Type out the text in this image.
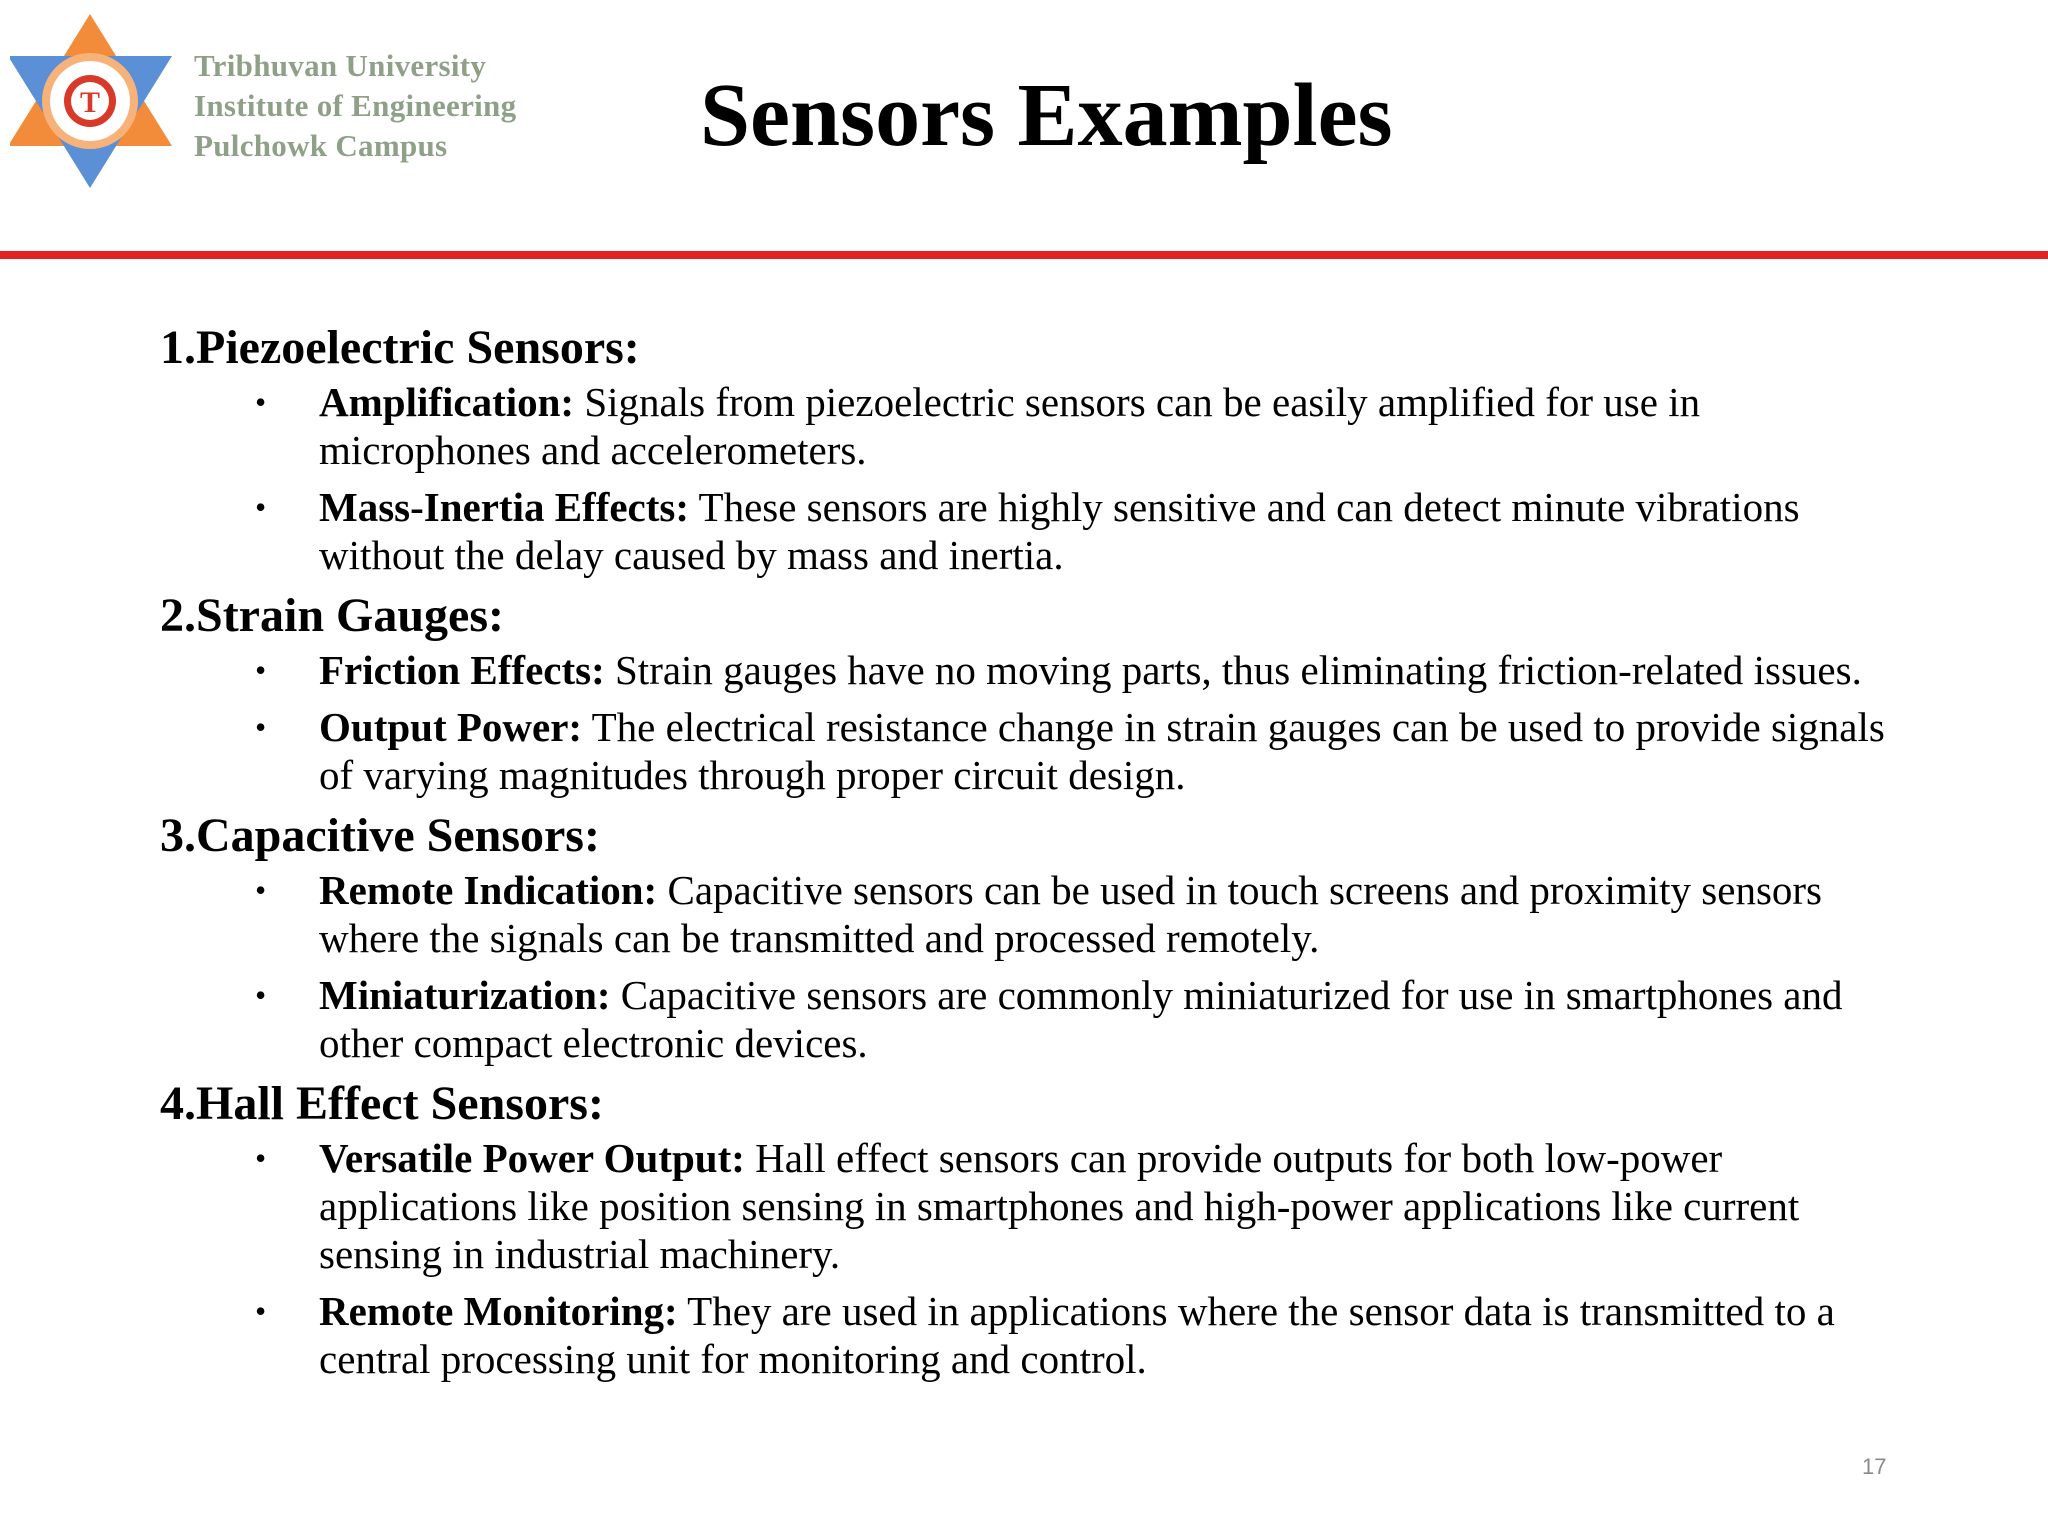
T
Tribhuvan University
Institute of Engineering
Pulchowk Campus	Sensors Examples
1.Piezoelectric Sensors:
• Amplification: Signals from piezoelectric sensors can be easily amplified for use in microphones and accelerometers.
• Mass-Inertia Effects: These sensors are highly sensitive and can detect minute vibrations without the delay caused by mass and inertia.
2.Strain Gauges:
• Friction Effects: Strain gauges have no moving parts, thus eliminating friction-related issues.
• Output Power: The electrical resistance change in strain gauges can be used to provide signals of varying magnitudes through proper circuit design.
3.Capacitive Sensors:
• Remote Indication: Capacitive sensors can be used in touch screens and proximity sensors where the signals can be transmitted and processed remotely.
• Miniaturization: Capacitive sensors are commonly miniaturized for use in smartphones and other compact electronic devices.
4.Hall Effect Sensors:
• Versatile Power Output: Hall effect sensors can provide outputs for both low-power applications like position sensing in smartphones and high-power applications like current sensing in industrial machinery.
• Remote Monitoring: They are used in applications where the sensor data is transmitted to a central processing unit for monitoring and control.
17
